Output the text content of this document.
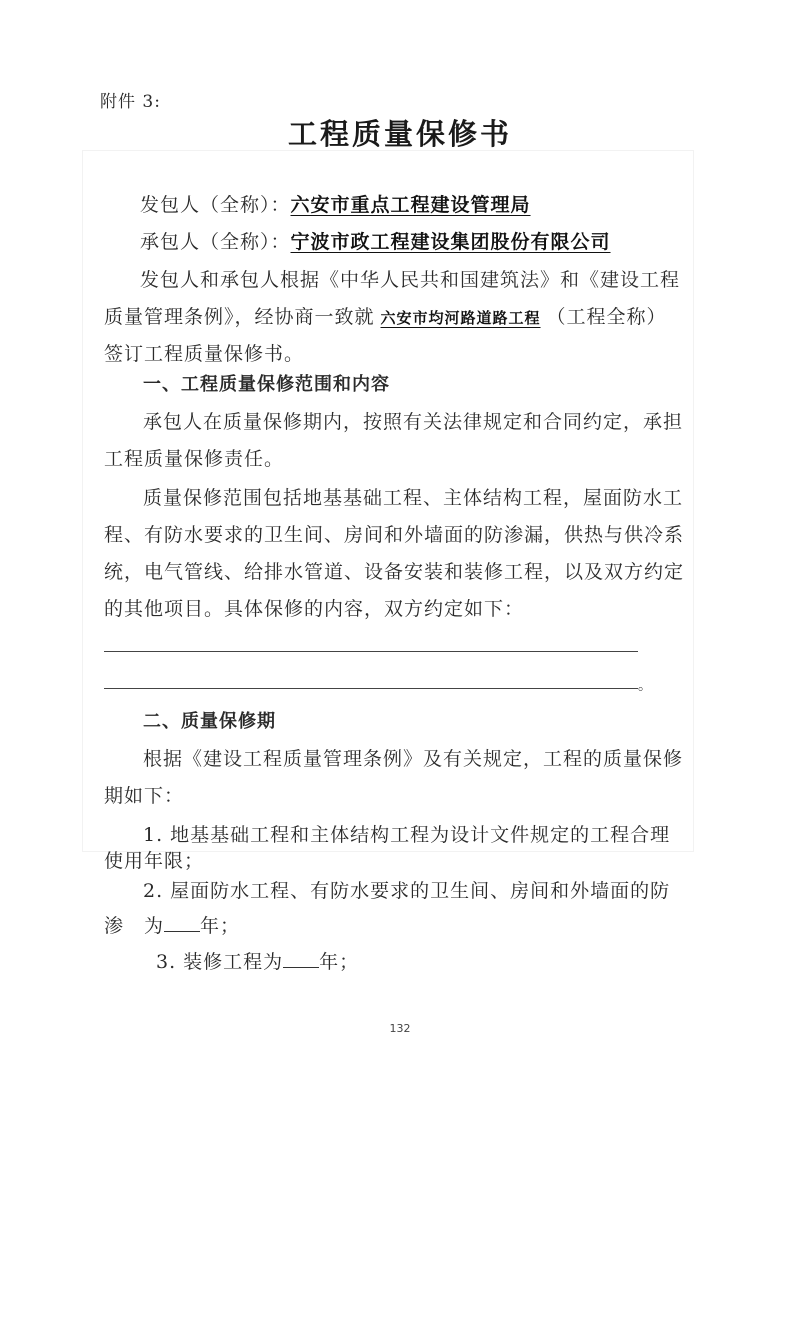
附件 3:
工程质量保修书
发包人（全称）：六安市重点工程建设管理局
承包人（全称）：宁波市政工程建设集团股份有限公司
发包人和承包人根据《中华人民共和国建筑法》和《建设工程
质量管理条例》，经协商一致就 六安市均河路道路工程 （工程全称）
签订工程质量保修书。
一、工程质量保修范围和内容
承包人在质量保修期内，按照有关法律规定和合同约定，承担
工程质量保修责任。
质量保修范围包括地基基础工程、主体结构工程，屋面防水工
程、有防水要求的卫生间、房间和外墙面的防渗漏，供热与供冷系
统，电气管线、给排水管道、设备安装和装修工程，以及双方约定
的其他项目。具体保修的内容，双方约定如下：
。
二、质量保修期
根据《建设工程质量管理条例》及有关规定，工程的质量保修
期如下：
1. 地基基础工程和主体结构工程为设计文件规定的工程合理
使用年限；
2. 屋面防水工程、有防水要求的卫生间、房间和外墙面的防
渗　为 年；
3. 装修工程为 年；
132
